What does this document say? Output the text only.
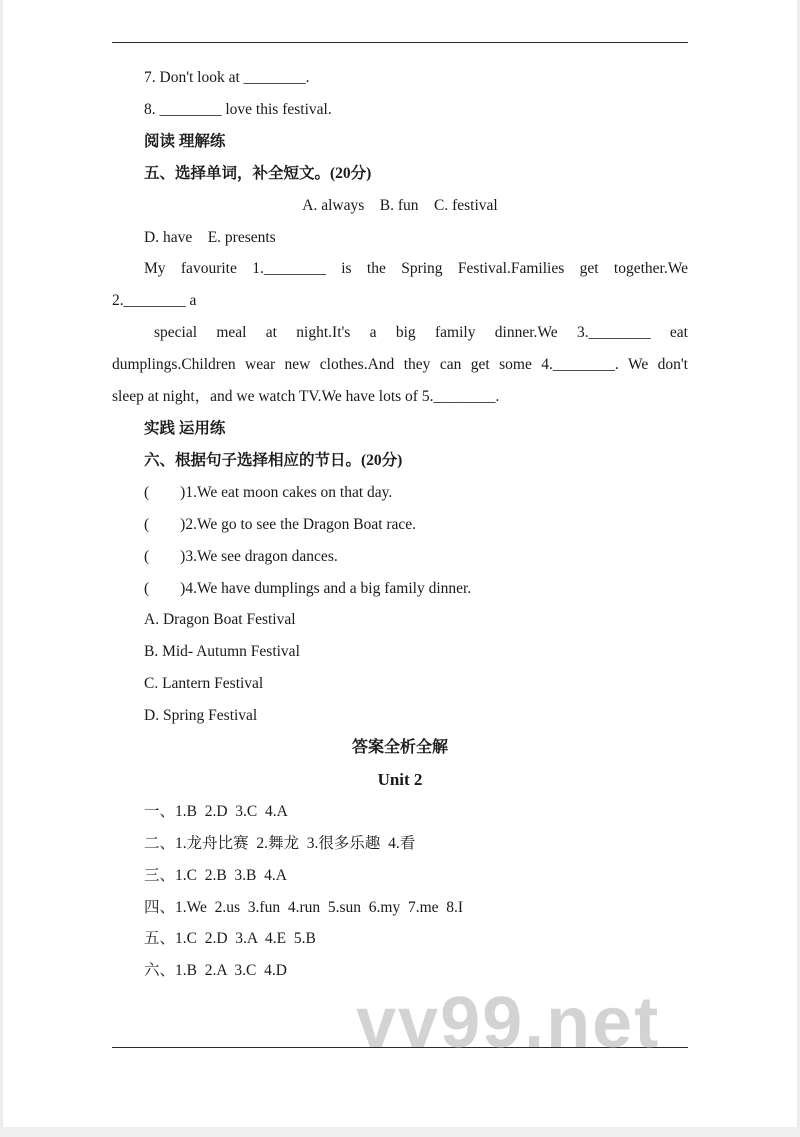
7. Don't look at ________.
8. ________ love this festival.
阅读 理解练
五、选择单词，补全短文。(20分)
A. always    B. fun    C. festival
D. have    E. presents
My favourite 1.________ is the Spring Festival.Families get together.We
2.________ a
special meal at night.It's a big family dinner.We 3.________ eat
dumplings.Children wear new clothes.And they can get some 4.________. We don't
sleep at night，and we watch TV.We have lots of 5.________.
实践 运用练
六、根据句子选择相应的节日。(20分)
(        )1.We eat moon cakes on that day.
(        )2.We go to see the Dragon Boat race.
(        )3.We see dragon dances.
(        )4.We have dumplings and a big family dinner.
A. Dragon Boat Festival
B. Mid- Autumn Festival
C. Lantern Festival
D. Spring Festival
答案全析全解
Unit 2
一、1.B  2.D  3.C  4.A
二、1.龙舟比赛  2.舞龙  3.很多乐趣  4.看
三、1.C  2.B  3.B  4.A
四、1.We  2.us  3.fun  4.run  5.sun  6.my  7.me  8.I
五、1.C  2.D  3.A  4.E  5.B
六、1.B  2.A  3.C  4.D
vv99.net
